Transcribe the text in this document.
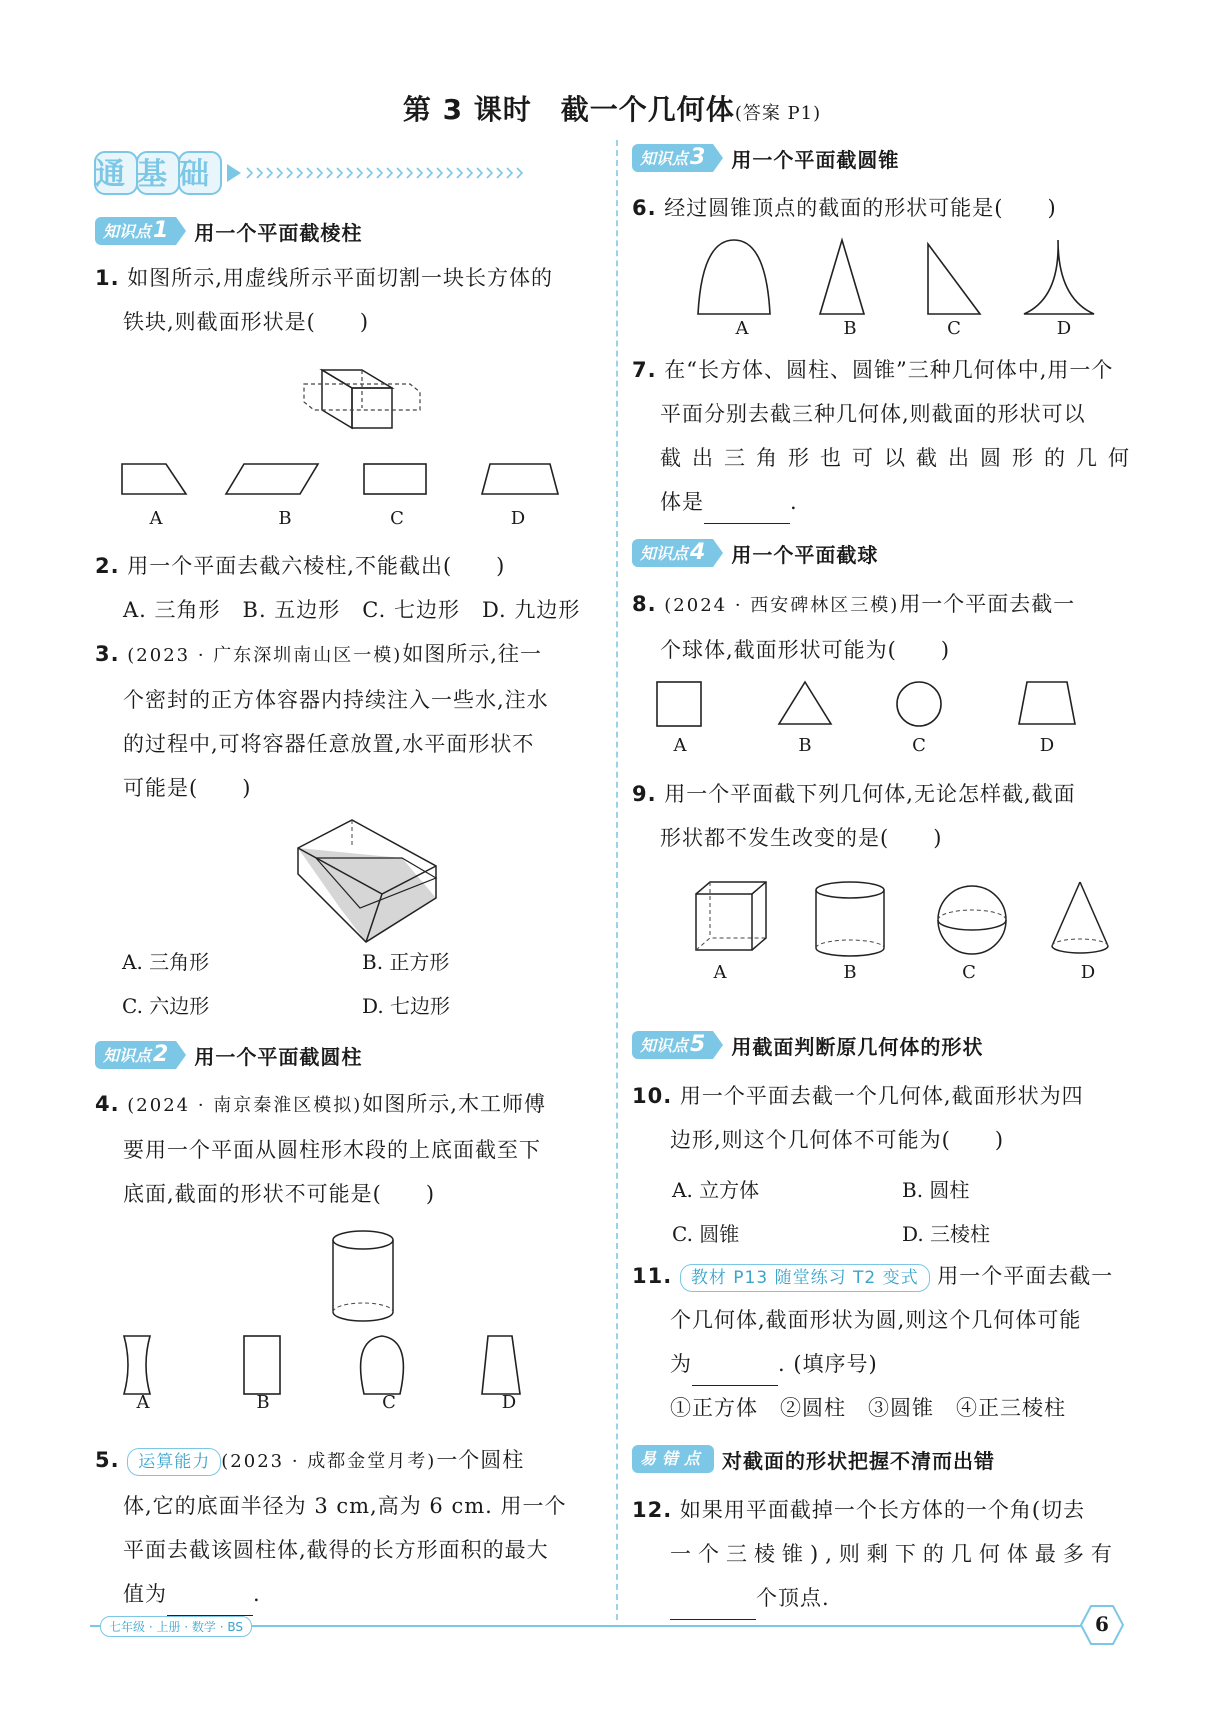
第 3 课时　截一个几何体(答案 P1)
通基础
知识点1	用一个平面截棱柱
1. 如图所示,用虚线所示平面切割一块长方体的
铁块,则截面形状是(　　)
A	B	C	D
2. 用一个平面去截六棱柱,不能截出(　　)
A. 三角形　B. 五边形　C. 七边形　D. 九边形
3. (2023 · 广东深圳南山区一模)如图所示,往一
个密封的正方体容器内持续注入一些水,注水
的过程中,可将容器任意放置,水平面形状不
可能是(　　)
A. 三角形	B. 正方形
C. 六边形	D. 七边形
知识点2	用一个平面截圆柱
4. (2024 · 南京秦淮区模拟)如图所示,木工师傅
要用一个平面从圆柱形木段的上底面截至下
底面,截面的形状不可能是(　　)
A	B	C	D
5. 运算能力 (2023 · 成都金堂月考)一个圆柱
体,它的底面半径为 3 cm,高为 6 cm. 用一个
平面去截该圆柱体,截得的长方形面积的最大
值为	.
知识点3	用一个平面截圆锥
6. 经过圆锥顶点的截面的形状可能是(　　)
A	B	C	D
7. 在“长方体、圆柱、圆锥”三种几何体中,用一个
平面分别去截三种几何体,则截面的形状可以
截出三角形也可以截出圆形的几何
体是	.
知识点4	用一个平面截球
8. (2024 · 西安碑林区三模)用一个平面去截一
个球体,截面形状可能为(　　)
A	B	C	D
9. 用一个平面截下列几何体,无论怎样截,截面
形状都不发生改变的是(　　)
A	B	C	D
知识点5	用截面判断原几何体的形状
10. 用一个平面去截一个几何体,截面形状为四
边形,则这个几何体不可能为(　　)
A. 立方体	B. 圆柱
C. 圆锥	D. 三棱柱
11. 教材 P13 随堂练习 T2 变式 用一个平面去截一
个几何体,截面形状为圆,则这个几何体可能
为	. (填序号)
①正方体　②圆柱　③圆锥　④正三棱柱
易错点 对截面的形状把握不清而出错
12. 如果用平面截掉一个长方体的一个角(切去
一个三棱锥),则剩下的几何体最多有
个顶点.
七年级 · 上册 · 数学 · BS	6
